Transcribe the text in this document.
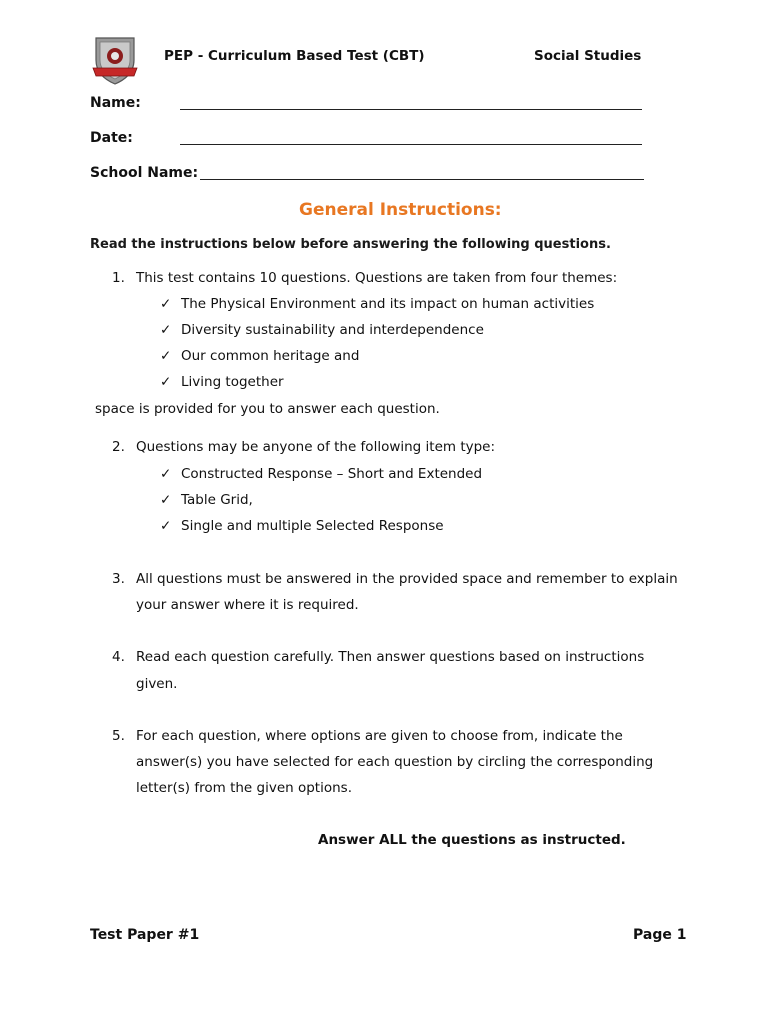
PEP - Curriculum Based Test (CBT)	Social Studies
Name:
Date:
School Name:
General Instructions:
Read the instructions below before answering the following questions.
1. This test contains 10 questions. Questions are taken from four themes:
✓ The Physical Environment and its impact on human activities
✓ Diversity sustainability and interdependence
✓ Our common heritage and
✓ Living together
space is provided for you to answer each question.
2. Questions may be anyone of the following item type:
✓ Constructed Response – Short and Extended
✓ Table Grid,
✓ Single and multiple Selected Response
3. All questions must be answered in the provided space and remember to explain
your answer where it is required.
4. Read each question carefully. Then answer questions based on instructions
given.
5. For each question, where options are given to choose from, indicate the
answer(s) you have selected for each question by circling the corresponding
letter(s) from the given options.
Answer ALL the questions as instructed.
Test Paper #1	Page 1
